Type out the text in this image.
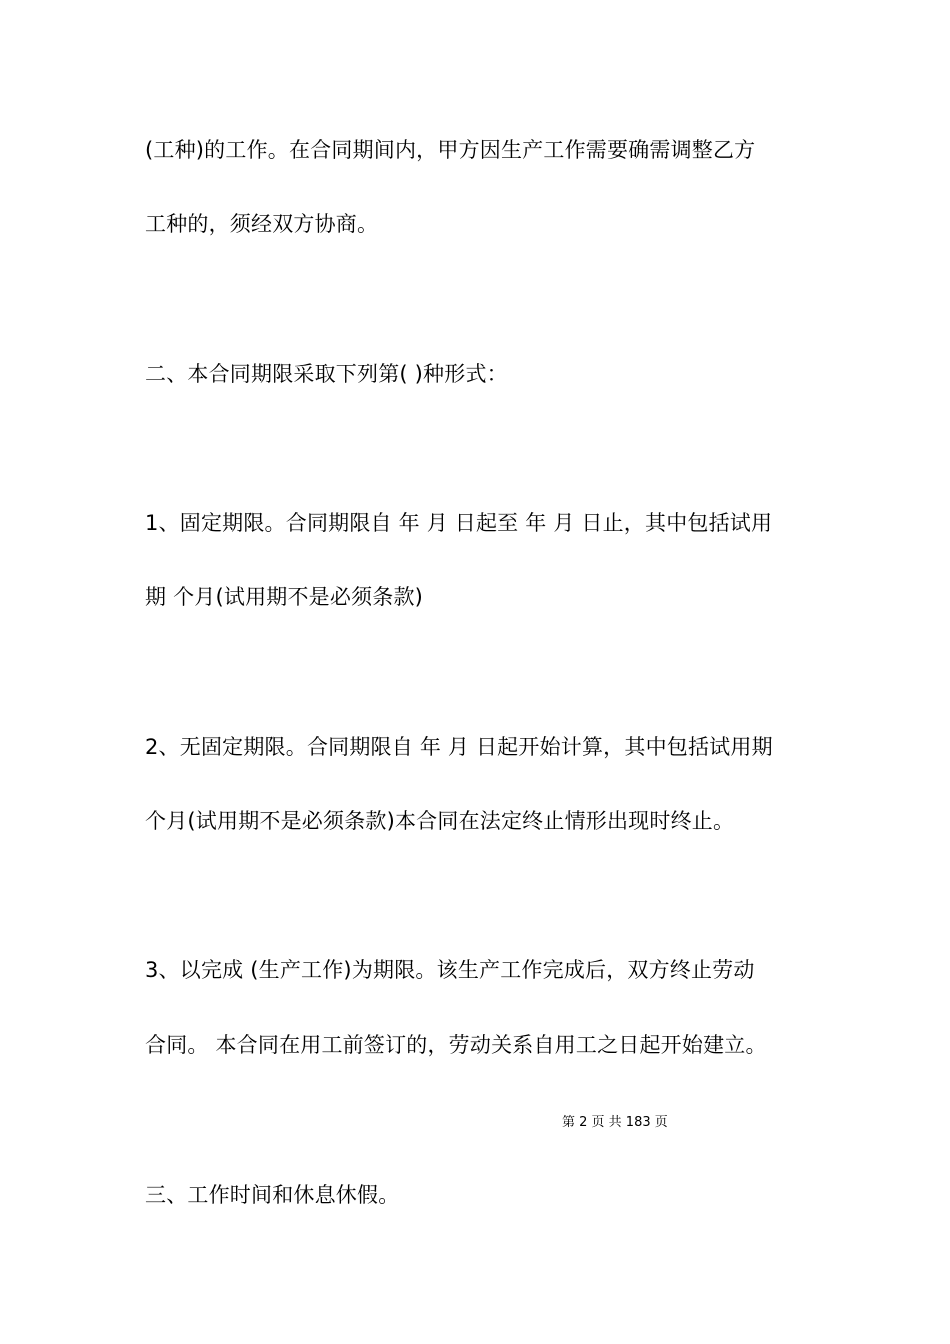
(工种)的工作。在合同期间内，甲方因生产工作需要确需调整乙方
工种的，须经双方协商。
二、本合同期限采取下列第( )种形式：
1、固定期限。合同期限自 年 月 日起至 年 月 日止，其中包括试用
期 个月(试用期不是必须条款)
2、无固定期限。合同期限自 年 月 日起开始计算，其中包括试用期
个月(试用期不是必须条款)本合同在法定终止情形出现时终止。
3、以完成 (生产工作)为期限。该生产工作完成后，双方终止劳动
合同。 本合同在用工前签订的，劳动关系自用工之日起开始建立。
第 2 页 共 183 页
三、工作时间和休息休假。
